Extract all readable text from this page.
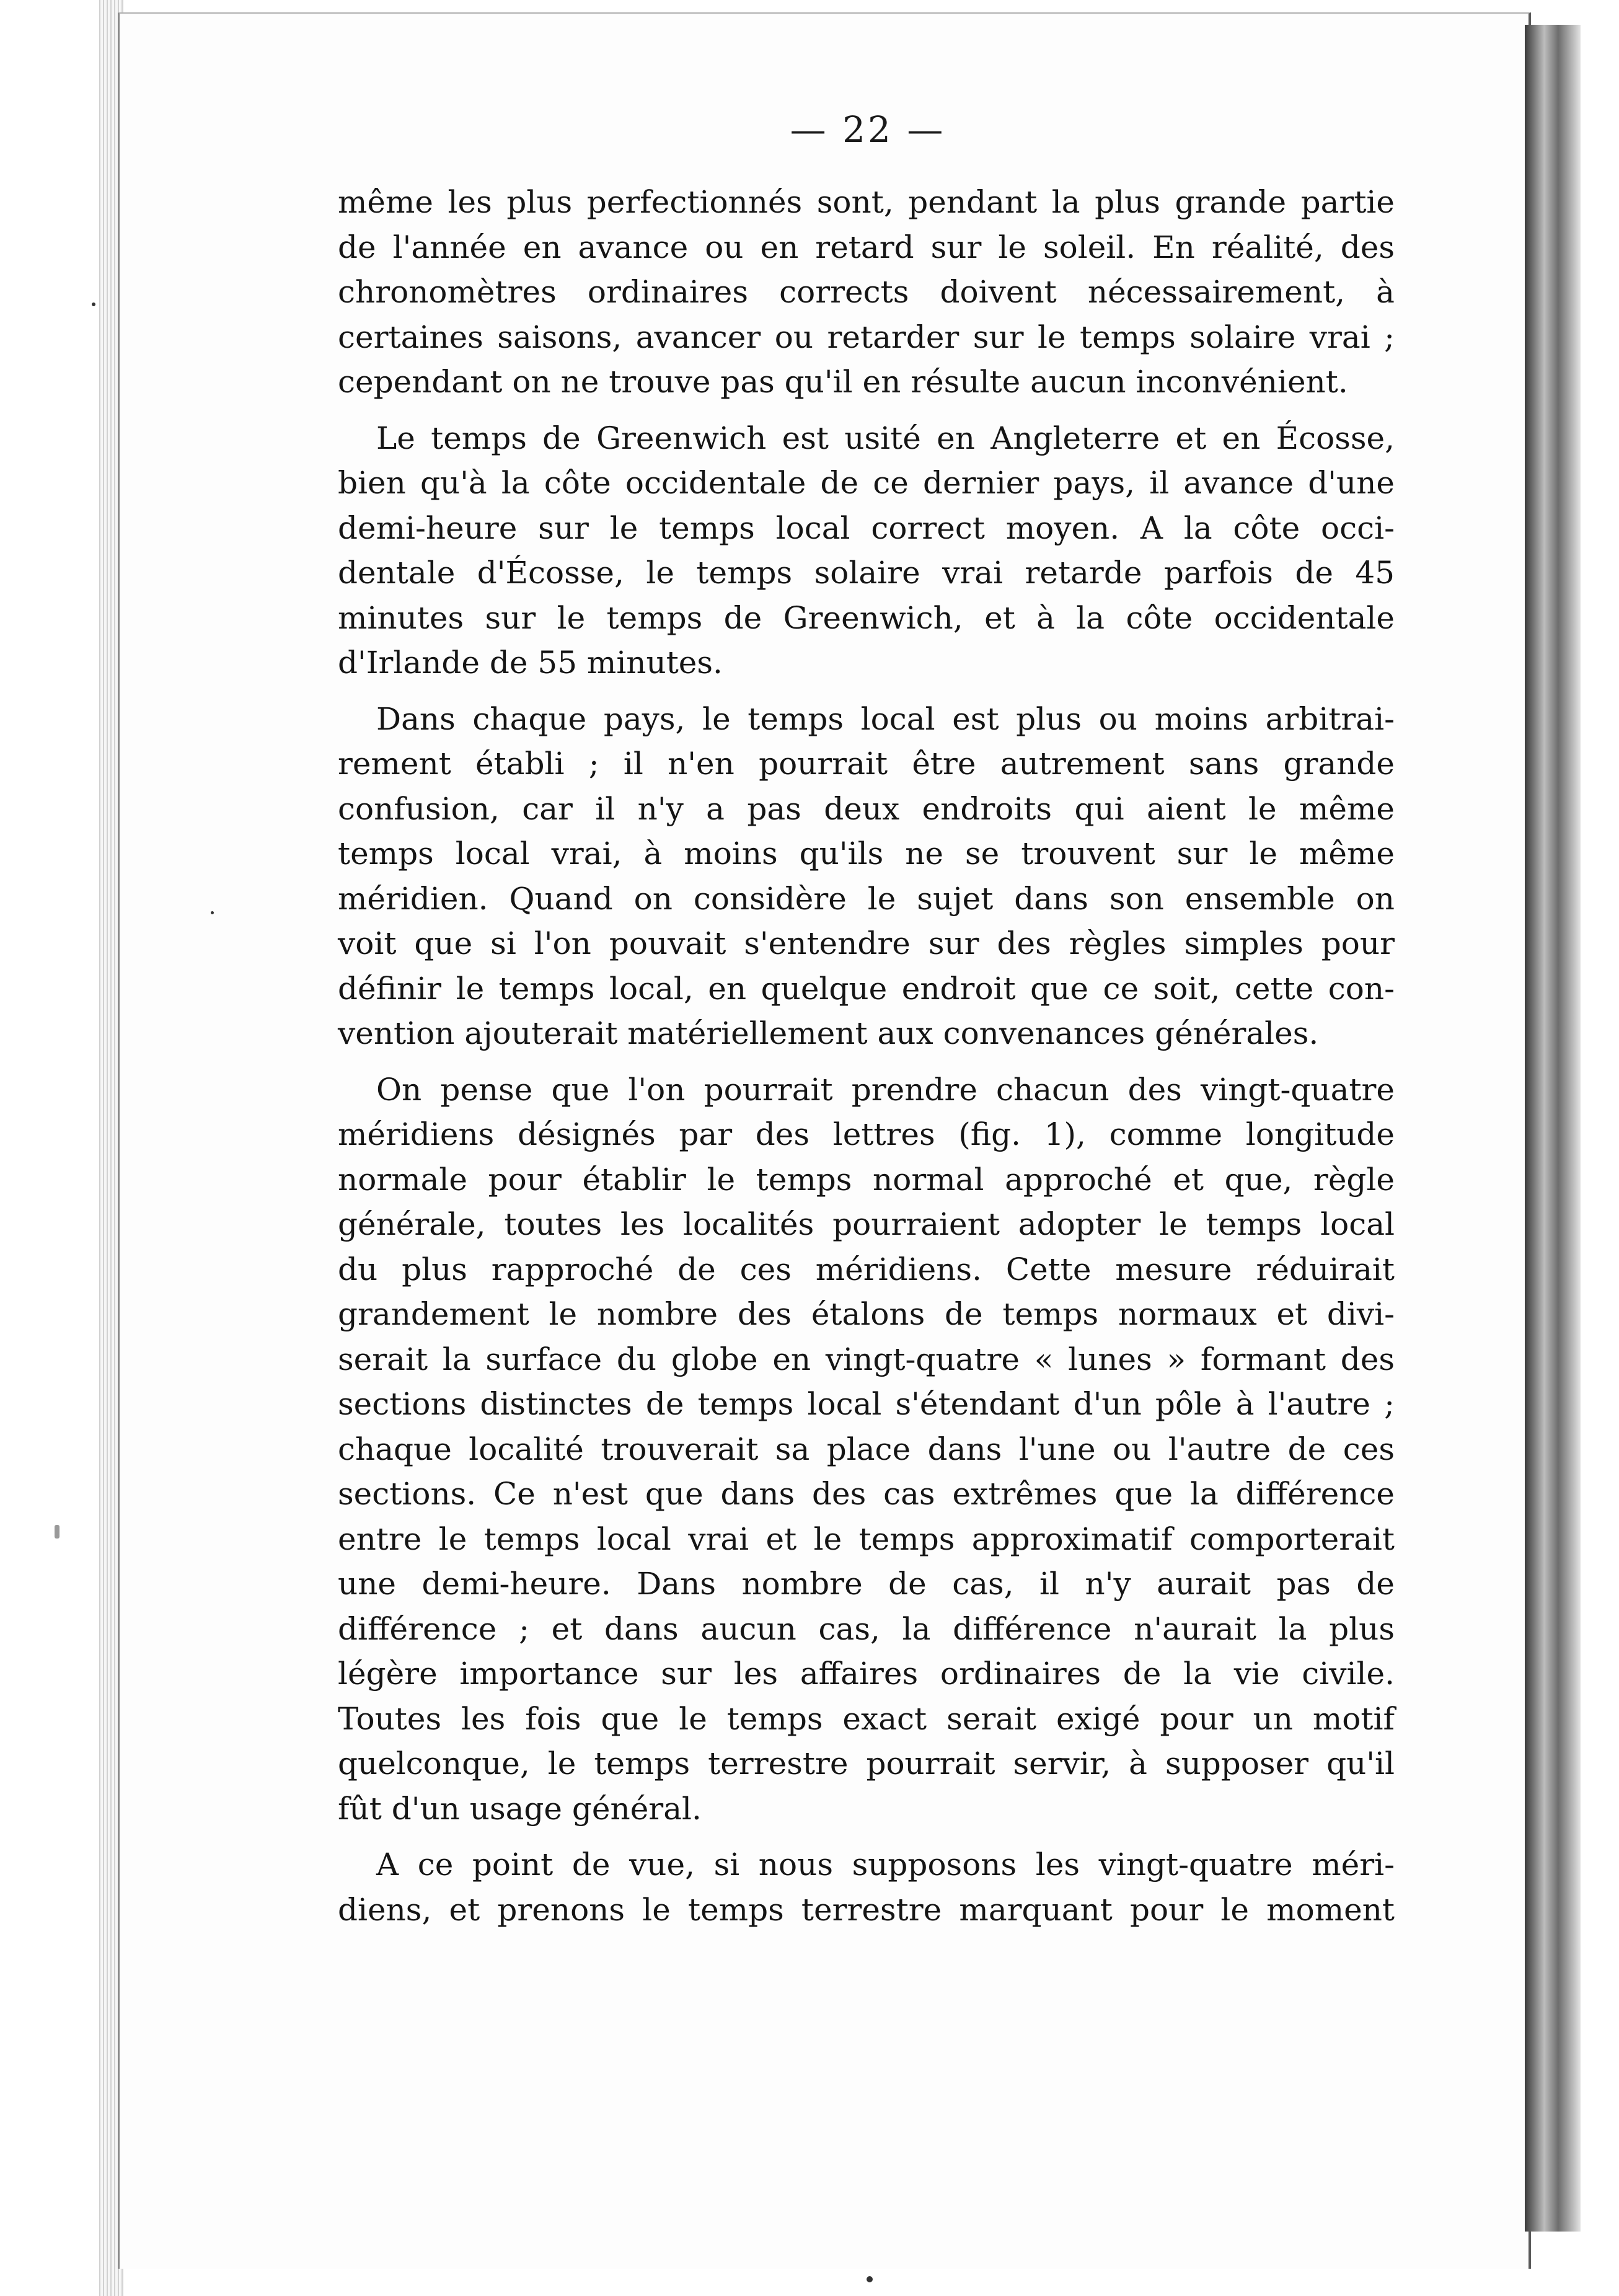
— 22 —
même les plus perfectionnés sont, pendant la plus grande partie
de l'année en avance ou en retard sur le soleil. En réalité, des
chronomètres ordinaires corrects doivent nécessairement, à
certaines saisons, avancer ou retarder sur le temps solaire vrai ;
cependant on ne trouve pas qu'il en résulte aucun inconvénient.
Le temps de Greenwich est usité en Angleterre et en Écosse,
bien qu'à la côte occidentale de ce dernier pays, il avance d'une
demi-heure sur le temps local correct moyen. A la côte occi-
dentale d'Écosse, le temps solaire vrai retarde parfois de 45
minutes sur le temps de Greenwich, et à la côte occidentale
d'Irlande de 55 minutes.
Dans chaque pays, le temps local est plus ou moins arbitrai-
rement établi ; il n'en pourrait être autrement sans grande
confusion, car il n'y a pas deux endroits qui aient le même
temps local vrai, à moins qu'ils ne se trouvent sur le même
méridien. Quand on considère le sujet dans son ensemble on
voit que si l'on pouvait s'entendre sur des règles simples pour
définir le temps local, en quelque endroit que ce soit, cette con-
vention ajouterait matériellement aux convenances générales.
On pense que l'on pourrait prendre chacun des vingt-quatre
méridiens désignés par des lettres (fig. 1), comme longitude
normale pour établir le temps normal approché et que, règle
générale, toutes les localités pourraient adopter le temps local
du plus rapproché de ces méridiens. Cette mesure réduirait
grandement le nombre des étalons de temps normaux et divi-
serait la surface du globe en vingt-quatre « lunes » formant des
sections distinctes de temps local s'étendant d'un pôle à l'autre ;
chaque localité trouverait sa place dans l'une ou l'autre de ces
sections. Ce n'est que dans des cas extrêmes que la différence
entre le temps local vrai et le temps approximatif comporterait
une demi-heure. Dans nombre de cas, il n'y aurait pas de
différence ; et dans aucun cas, la différence n'aurait la plus
légère importance sur les affaires ordinaires de la vie civile.
Toutes les fois que le temps exact serait exigé pour un motif
quelconque, le temps terrestre pourrait servir, à supposer qu'il
fût d'un usage général.
A ce point de vue, si nous supposons les vingt-quatre méri-
diens, et prenons le temps terrestre marquant pour le moment
